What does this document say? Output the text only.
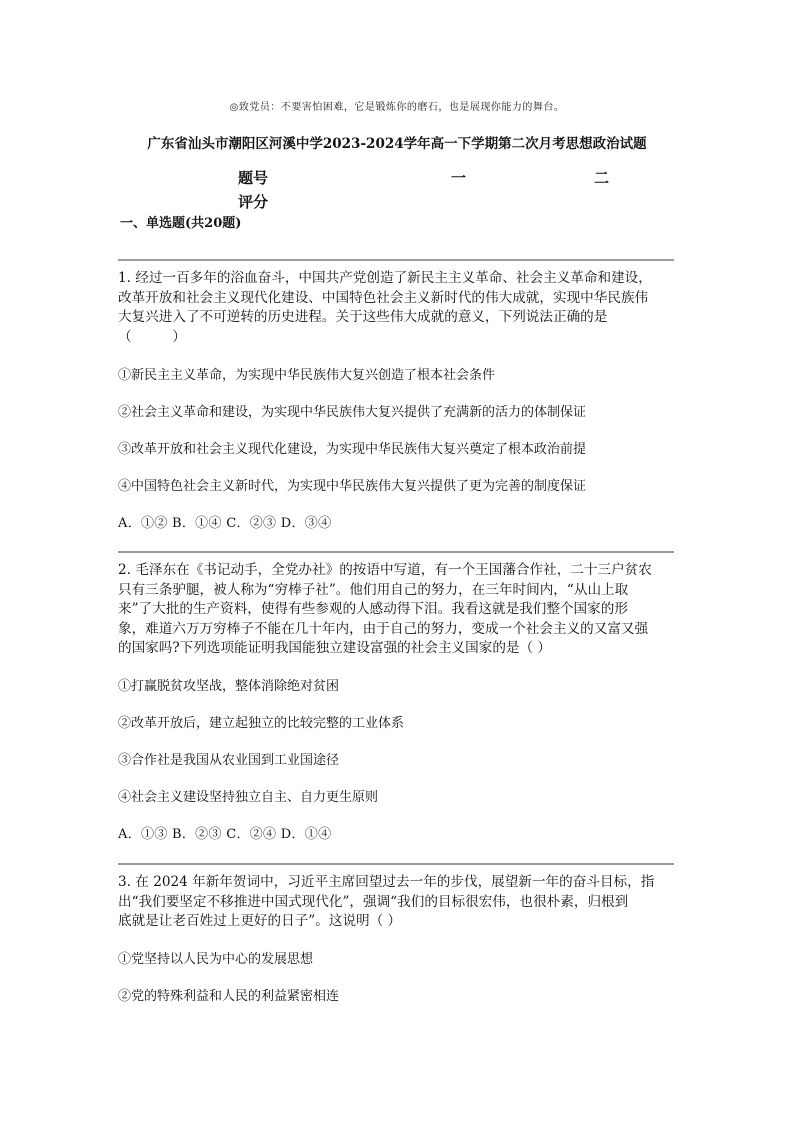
◎致党员：不要害怕困难，它是锻炼你的磨石，也是展现你能力的舞台。
广东省汕头市潮阳区河溪中学2023-2024学年高一下学期第二次月考思想政治试题
题号	一	二
评分
一、单选题(共20题)

1. 经过一百多年的浴血奋斗，中国共产党创造了新民主主义革命、社会主义革命和建设，
改革开放和社会主义现代化建设、中国特色社会主义新时代的伟大成就，实现中华民族伟
大复兴进入了不可逆转的历史进程。关于这些伟大成就的意义，下列说法正确的是
（　　　）

①新民主主义革命，为实现中华民族伟大复兴创造了根本社会条件

②社会主义革命和建设，为实现中华民族伟大复兴提供了充满新的活力的体制保证

③改革开放和社会主义现代化建设，为实现中华民族伟大复兴奠定了根本政治前提

④中国特色社会主义新时代，为实现中华民族伟大复兴提供了更为完善的制度保证

A．①② B．①④ C．②③ D．③④

2. 毛泽东在《书记动手，全党办社》的按语中写道，有一个王国藩合作社，二十三户贫农
只有三条驴腿，被人称为“穷棒子社”。他们用自己的努力，在三年时间内，“从山上取
来”了大批的生产资料，使得有些参观的人感动得下泪。我看这就是我们整个国家的形
象，难道六万万穷棒子不能在几十年内，由于自己的努力，变成一个社会主义的又富又强
的国家吗?下列选项能证明我国能独立建设富强的社会主义国家的是（ ）

①打赢脱贫攻坚战，整体消除绝对贫困

②改革开放后，建立起独立的比较完整的工业体系

③合作社是我国从农业国到工业国途径

④社会主义建设坚持独立自主、自力更生原则

A．①③ B．②③ C．②④ D．①④

3. 在 2024 年新年贺词中，习近平主席回望过去一年的步伐，展望新一年的奋斗目标，指
出“我们要坚定不移推进中国式现代化”，强调“我们的目标很宏伟，也很朴素，归根到
底就是让老百姓过上更好的日子”。这说明（ ）

①党坚持以人民为中心的发展思想

②党的特殊利益和人民的利益紧密相连
